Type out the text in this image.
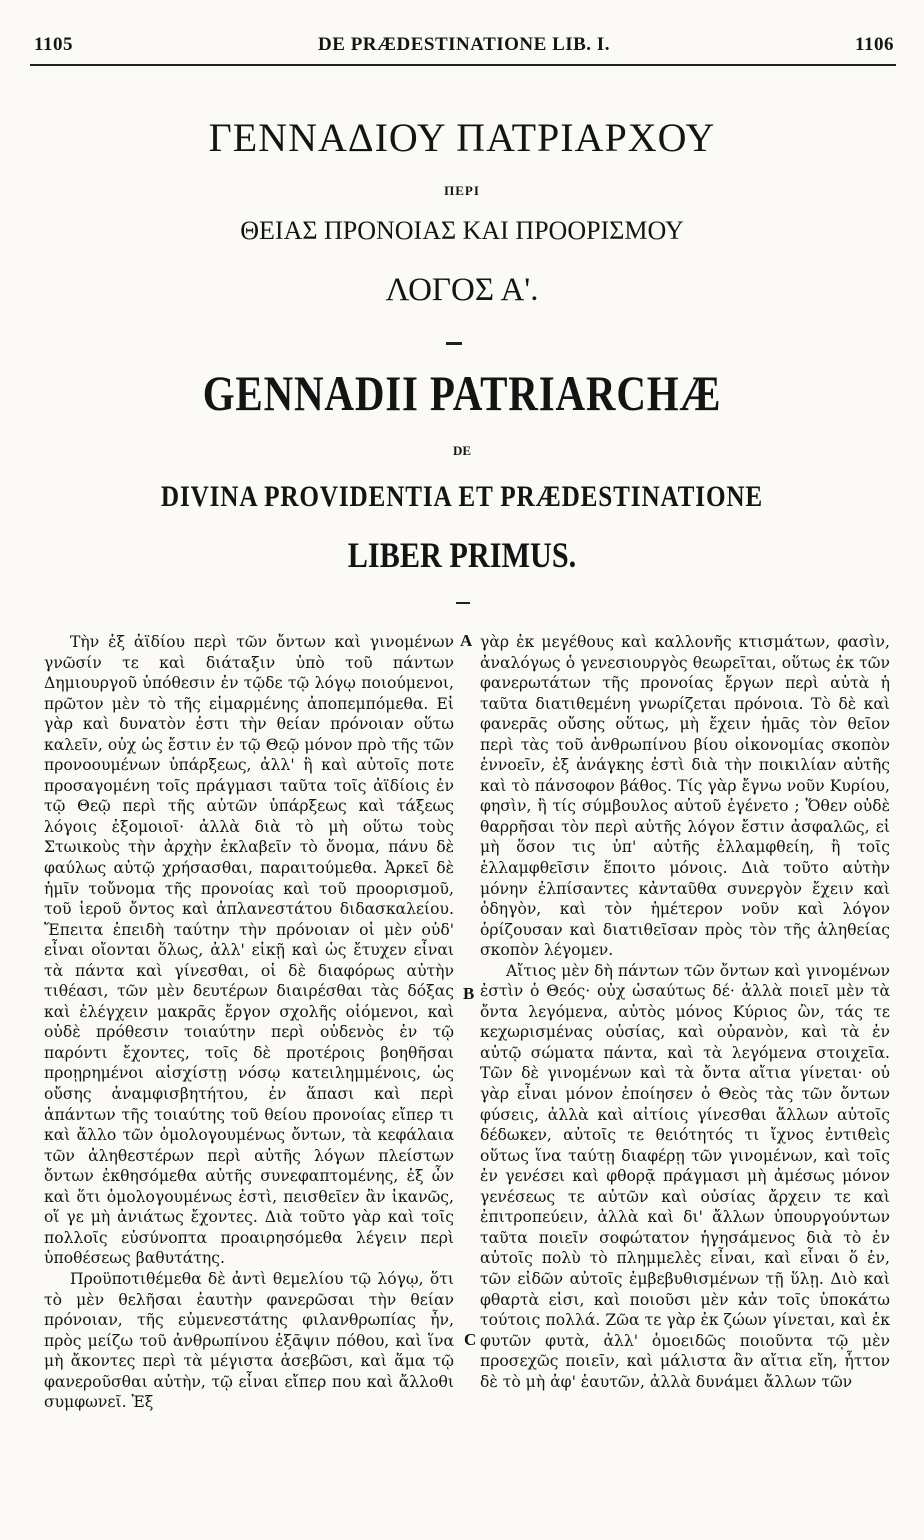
1105	DE PRÆDESTINATIONE LIB. I.	1106
ΓΕΝΝΑΔΙΟΥ ΠΑΤΡΙΑΡΧΟΥ
ΠΕΡΙ
ΘΕΙΑΣ ΠΡΟΝΟΙΑΣ ΚΑΙ ΠΡΟΟΡΙΣΜΟΥ
ΛΟΓΟΣ Α'.
GENNADII PATRIARCHÆ
DE
DIVINA PROVIDENTIA ET PRÆDESTINATIONE
LIBER PRIMUS.

Τὴν ἐξ ἀϊδίου περὶ τῶν ὄντων καὶ γινομένων γνῶσίν τε καὶ διάταξιν ὑπὸ τοῦ πάντων Δημιουργοῦ ὑπόθεσιν ἐν τῷδε τῷ λόγῳ ποιούμενοι, πρῶτον μὲν τὸ τῆς εἱμαρμένης ἀποπεμπόμεθα. Εἰ γὰρ καὶ δυνατὸν ἐστι τὴν θείαν πρόνοιαν οὕτω καλεῖν, οὐχ ὡς ἔστιν ἐν τῷ Θεῷ μόνον πρὸ τῆς τῶν προνοουμένων ὑπάρξεως, ἀλλ' ἢ καὶ αὐτοῖς ποτε προσαγομένη τοῖς πράγμασι ταῦτα τοῖς ἀϊδίοις ἐν τῷ Θεῷ περὶ τῆς αὐτῶν ὑπάρξεως καὶ τάξεως λόγοις ἐξομοιοῖ· ἀλλὰ διὰ τὸ μὴ οὕτω τοὺς Στωικοὺς τὴν ἀρχὴν ἐκλαβεῖν τὸ ὄνομα, πάνυ δὲ φαύλως αὐτῷ χρήσασθαι, παραιτούμεθα. Ἀρκεῖ δὲ ἡμῖν τοὔνομα τῆς προνοίας καὶ τοῦ προορισμοῦ, τοῦ ἱεροῦ ὄντος καὶ ἀπλανεστάτου διδασκαλείου. Ἔπειτα ἐπειδὴ ταύτην τὴν πρόνοιαν οἱ μὲν οὐδ' εἶναι οἴονται ὅλως, ἀλλ' εἰκῇ καὶ ὡς ἔτυχεν εἶναι τὰ πάντα καὶ γίνεσθαι, οἱ δὲ διαφόρως αὐτὴν τιθέασι, τῶν μὲν δευτέρων διαιρέσθαι τὰς δόξας καὶ ἐλέγχειν μακρᾶς ἔργον σχολῆς οἰόμενοι, καὶ οὐδὲ πρόθεσιν τοιαύτην περὶ οὐδενὸς ἐν τῷ παρόντι ἔχοντες, τοῖς δὲ προτέροις βοηθῆσαι προῃρημένοι αἰσχίστῃ νόσῳ κατειλημμένοις, ὡς οὔσης ἀναμφισβητήτου, ἐν ἅπασι καὶ περὶ ἁπάντων τῆς τοιαύτης τοῦ θείου προνοίας εἴπερ τι καὶ ἄλλο τῶν ὁμολογουμένως ὄντων, τὰ κεφάλαια τῶν ἀληθεστέρων περὶ αὐτῆς λόγων πλείστων ὄντων ἐκθησόμεθα αὐτῆς συνεφαπτομένης, ἐξ ὧν καὶ ὅτι ὁμολογουμένως ἐστὶ, πεισθεῖεν ἂν ἱκανῶς, οἵ γε μὴ ἀνιάτως ἔχοντες. Διὰ τοῦτο γὰρ καὶ τοῖς πολλοῖς εὐσύνοπτα προαιρησόμεθα λέγειν περὶ ὑποθέσεως βαθυτάτης.

Προϋποτιθέμεθα δὲ ἀντὶ θεμελίου τῷ λόγῳ, ὅτι τὸ μὲν θελῆσαι ἑαυτὴν φανερῶσαι τὴν θείαν πρόνοιαν, τῆς εὐμενεστάτης φιλανθρωπίας ἦν, πρὸς μείζω τοῦ ἀνθρωπίνου ἐξᾶψιν πόθου, καὶ ἵνα μὴ ἄκοντες περὶ τὰ μέγιστα ἀσεβῶσι, καὶ ἅμα τῷ φανεροῦσθαι αὐτὴν, τῷ εἶναι εἴπερ που καὶ ἄλλοθι συμφωνεῖ. Ἐξ

A
B
C

γὰρ ἐκ μεγέθους καὶ καλλονῆς κτισμάτων, φασὶν, ἀναλόγως ὁ γενεσιουργὸς θεωρεῖται, οὕτως ἐκ τῶν φανερωτάτων τῆς προνοίας ἔργων περὶ αὐτὰ ἡ ταῦτα διατιθεμένη γνωρίζεται πρόνοια. Τὸ δὲ καὶ φανερᾶς οὔσης οὕτως, μὴ ἔχειν ἡμᾶς τὸν θεῖον περὶ τὰς τοῦ ἀνθρωπίνου βίου οἰκονομίας σκοπὸν ἐννοεῖν, ἐξ ἀνάγκης ἐστὶ διὰ τὴν ποικιλίαν αὐτῆς καὶ τὸ πάνσοφον βάθος. Τίς γὰρ ἔγνω νοῦν Κυρίου, φησὶν, ἢ τίς σύμβουλος αὐτοῦ ἐγένετο ; Ὅθεν οὐδὲ θαρρῆσαι τὸν περὶ αὐτῆς λόγον ἔστιν ἀσφαλῶς, εἰ μὴ ὅσον τις ὑπ' αὐτῆς ἐλλαμφθείη, ἢ τοῖς ἐλλαμφθεῖσιν ἕποιτο μόνοις. Διὰ τοῦτο αὐτὴν μόνην ἐλπίσαντες κἀνταῦθα συνεργὸν ἔχειν καὶ ὁδηγὸν, καὶ τὸν ἡμέτερον νοῦν καὶ λόγον ὁρίζουσαν καὶ διατιθεῖσαν πρὸς τὸν τῆς ἀληθείας σκοπὸν λέγομεν.

Αἴτιος μὲν δὴ πάντων τῶν ὄντων καὶ γινομένων ἐστὶν ὁ Θεός· οὐχ ὡσαύτως δέ· ἀλλὰ ποιεῖ μὲν τὰ ὄντα λεγόμενα, αὐτὸς μόνος Κύριος ὢν, τάς τε κεχωρισμένας οὐσίας, καὶ οὐρανὸν, καὶ τὰ ἐν αὐτῷ σώματα πάντα, καὶ τὰ λεγόμενα στοιχεῖα. Τῶν δὲ γινομένων καὶ τὰ ὄντα αἴτια γίνεται· οὐ γὰρ εἶναι μόνον ἐποίησεν ὁ Θεὸς τὰς τῶν ὄντων φύσεις, ἀλλὰ καὶ αἰτίοις γίνεσθαι ἄλλων αὐτοῖς δέδωκεν, αὐτοῖς τε θειότητός τι ἴχνος ἐντιθεὶς οὕτως ἵνα ταύτῃ διαφέρῃ τῶν γινομένων, καὶ τοῖς ἐν γενέσει καὶ φθορᾷ πράγμασι μὴ ἀμέσως μόνον γενέσεως τε αὐτῶν καὶ οὐσίας ἄρχειν τε καὶ ἐπιτροπεύειν, ἀλλὰ καὶ δι' ἄλλων ὑπουργούντων ταῦτα ποιεῖν σοφώτατον ἡγησάμενος διὰ τὸ ἐν αὐτοῖς πολὺ τὸ πλημμελὲς εἶναι, καὶ εἶναι ὅ ἐν, τῶν εἰδῶν αὐτοῖς ἐμβεβυθισμένων τῇ ὕλῃ. Διὸ καὶ φθαρτὰ εἰσι, καὶ ποιοῦσι μὲν κἀν τοῖς ὑποκάτω τούτοις πολλά. Ζῶα τε γὰρ ἐκ ζώων γίνεται, καὶ ἐκ φυτῶν φυτὰ, ἀλλ' ὁμοειδῶς ποιοῦντα τῷ μὲν προσεχῶς ποιεῖν, καὶ μάλιστα ἂν αἴτια εἴη, ἧττον δὲ τὸ μὴ ἀφ' ἑαυτῶν, ἀλλὰ δυνάμει ἄλλων τῶν
